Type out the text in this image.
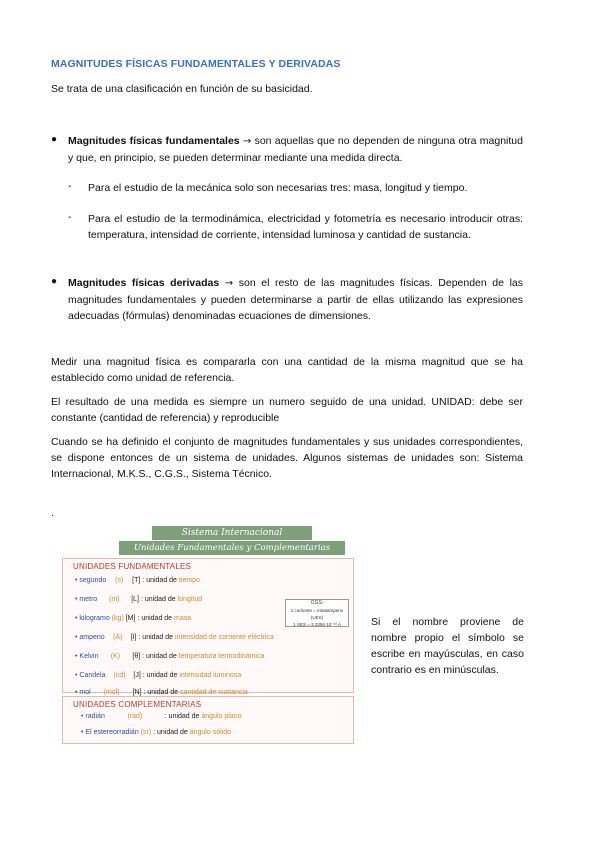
MAGNITUDES FÍSICAS FUNDAMENTALES Y DERIVADAS
Se trata de una clasificación en función de su basicidad.
● Magnitudes físicas fundamentales → son aquellas que no dependen de ninguna otra magnitud y que, en principio, se pueden determinar mediante una medida directa.
- Para el estudio de la mecánica solo son necesarias tres: masa, longitud y tiempo.
- Para el estudio de la termodinámica, electricidad y fotometría es necesario introducir otras: temperatura, intensidad de corriente, intensidad luminosa y cantidad de sustancia.
● Magnitudes físicas derivadas → son el resto de las magnitudes físicas. Dependen de las magnitudes fundamentales y pueden determinarse a partir de ellas utilizando las expresiones adecuadas (fórmulas) denominadas ecuaciones de dimensiones.
Medir una magnitud física es compararla con una cantidad de la misma magnitud que se ha establecido como unidad de referencia.
El resultado de una medida es siempre un numero seguido de una unidad. UNIDAD: debe ser constante (cantidad de referencia) y reproducible
Cuando se ha definido el conjunto de magnitudes fundamentales y sus unidades correspondientes, se dispone entonces de un sistema de unidades. Algunos sistemas de unidades son: Sistema Internacional, M.K.S., C.G.S., Sistema Técnico.
.
Sistema Internacional
Unidades Fundamentales y Complementarias
UNIDADES FUNDAMENTALES
• segundo (s) [T] : unidad de tiempo
• metro (m) [L] : unidad de longitud
• kilogramo (kg) [M] : unidad de masa
• amperio (A) [I] : unidad de intensidad de corriente eléctrica
• Kelvin (K) [θ] : unidad de temperatura termodinámica
• Candela (cd) [J] : unidad de intensidad luminosa
• mol (mol) [N] : unidad de cantidad de sustancia
CGS:
1 corriente = estatamperio (UES)
1 UES = 3,3356·10⁻¹⁰ A
UNIDADES COMPLEMENTARIAS
• radián	(rad)	: unidad de ángulo plano
• El estereorradián (sr) : unidad de ángulo sólido
Si el nombre proviene de nombre propio el símbolo se escribe en mayúsculas, en caso contrario es en minúsculas.
